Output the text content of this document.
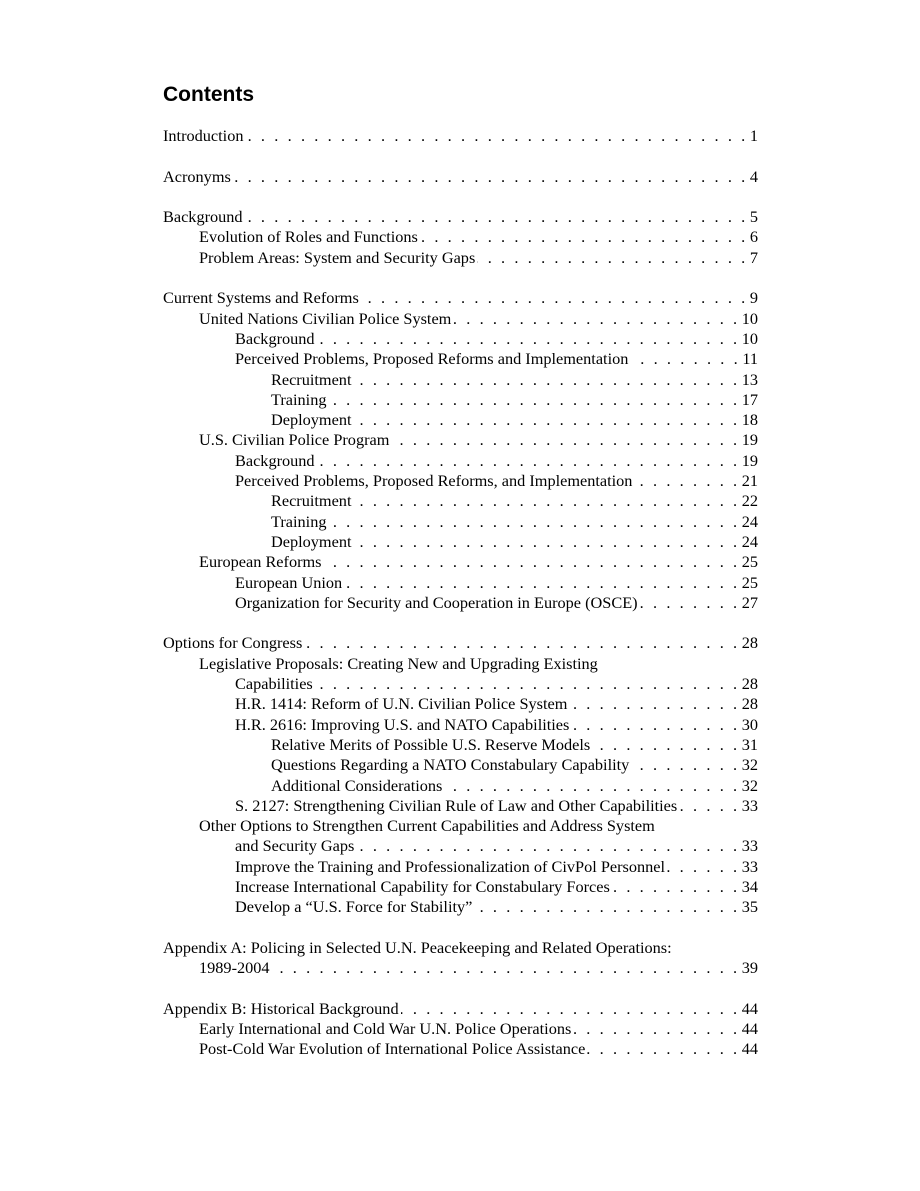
Contents
Introduction . . .	1
Acronyms . . .	4
Background . . .	5
Evolution of Roles and Functions . . .	6
Problem Areas: System and Security Gaps . . .	7
Current Systems and Reforms . . .	9
United Nations Civilian Police System . . .	10
Background . . .	10
Perceived Problems, Proposed Reforms and Implementation . . .	11
Recruitment . . .	13
Training . . .	17
Deployment . . .	18
U.S. Civilian Police Program . . .	19
Background . . .	19
Perceived Problems, Proposed Reforms, and Implementation . . .	21
Recruitment . . .	22
Training . . .	24
Deployment . . .	24
European Reforms . . .	25
European Union . . .	25
Organization for Security and Cooperation in Europe (OSCE) . . .	27
Options for Congress . . .	28
Legislative Proposals: Creating New and Upgrading Existing
Capabilities . . .	28
H.R. 1414: Reform of U.N. Civilian Police System . . .	28
H.R. 2616: Improving U.S. and NATO Capabilities . . .	30
Relative Merits of Possible U.S. Reserve Models . . .	31
Questions Regarding a NATO Constabulary Capability . . .	32
Additional Considerations . . .	32
S. 2127: Strengthening Civilian Rule of Law and Other Capabilities . . .	33
Other Options to Strengthen Current Capabilities and Address System
and Security Gaps . . .	33
Improve the Training and Professionalization of CivPol Personnel . . .	33
Increase International Capability for Constabulary Forces . . .	34
Develop a “U.S. Force for Stability” . . .	35
Appendix A: Policing in Selected U.N. Peacekeeping and Related Operations:
1989-2004 . . .	39
Appendix B: Historical Background . . .	44
Early International and Cold War U.N. Police Operations . . .	44
Post-Cold War Evolution of International Police Assistance . . .	44
